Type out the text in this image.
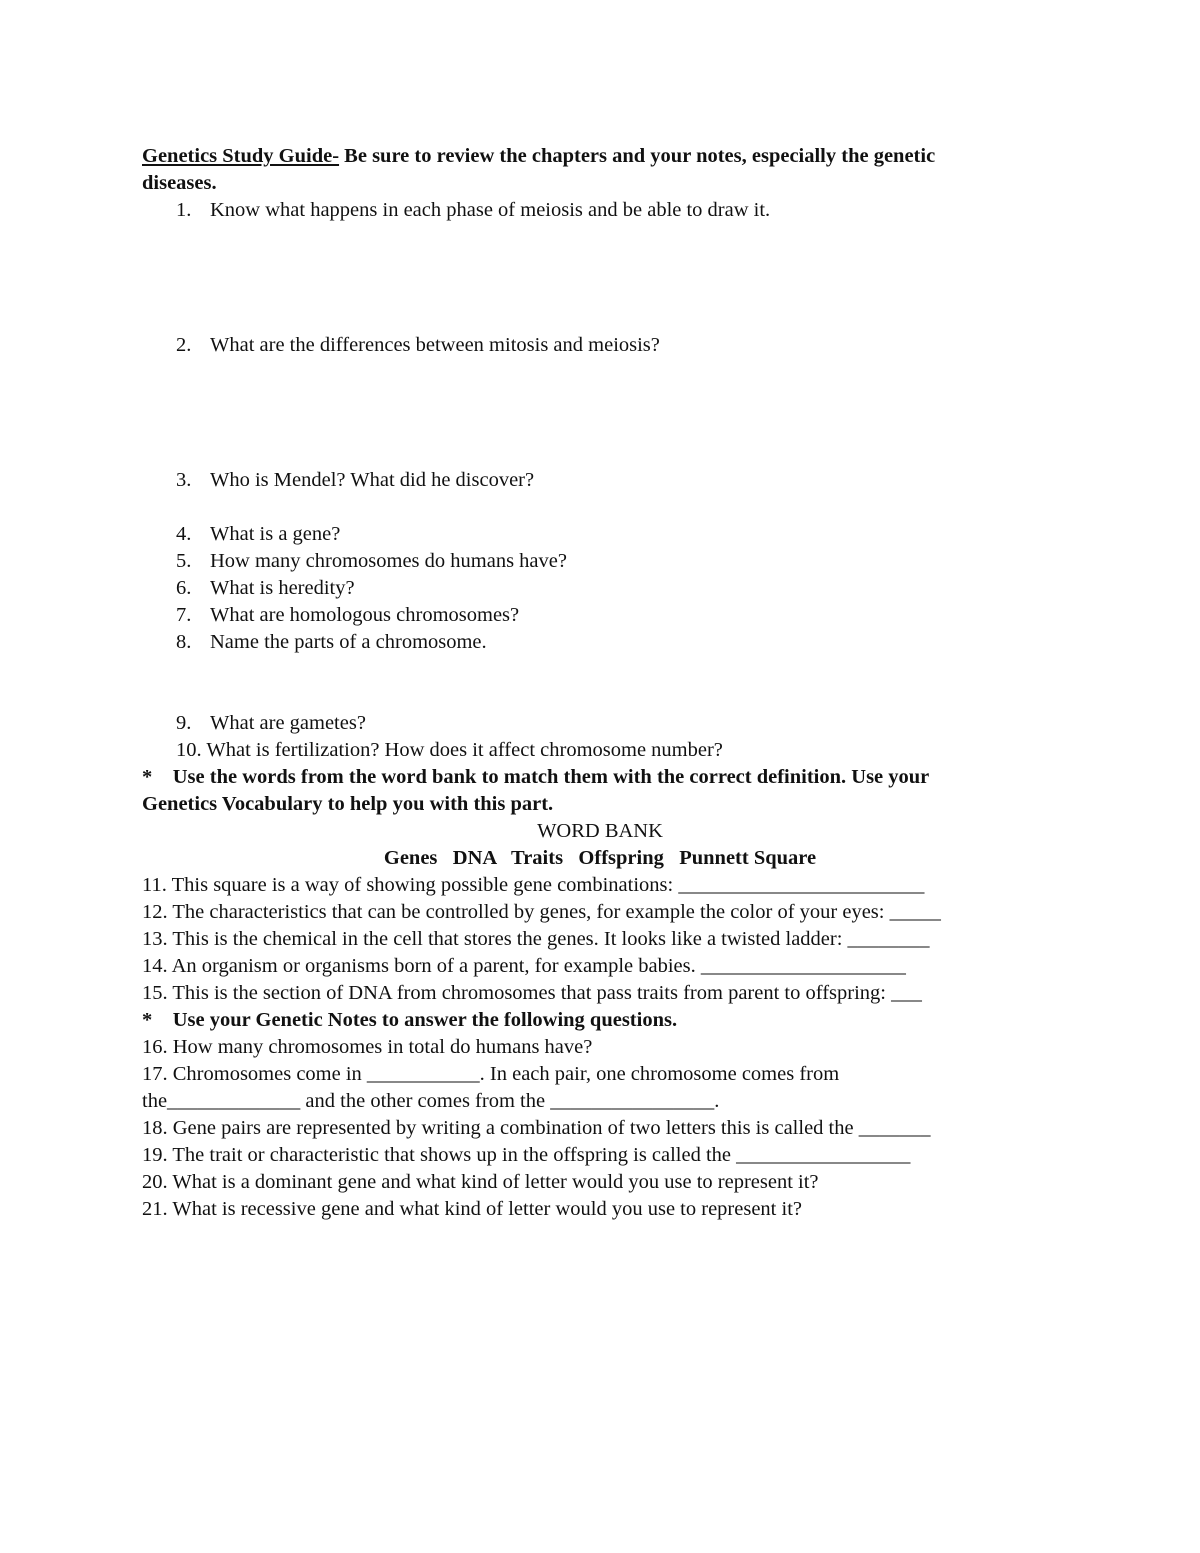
Genetics Study Guide- Be sure to review the chapters and your notes, especially the genetic
diseases.
1. Know what happens in each phase of meiosis and be able to draw it.
2. What are the differences between mitosis and meiosis?
3. Who is Mendel? What did he discover?
4. What is a gene?
5. How many chromosomes do humans have?
6. What is heredity?
7. What are homologous chromosomes?
8. Name the parts of a chromosome.
9. What are gametes?
10. What is fertilization? How does it affect chromosome number?
*    Use the words from the word bank to match them with the correct definition. Use your
Genetics Vocabulary to help you with this part.
WORD BANK
Genes   DNA   Traits   Offspring   Punnett Square
11. This square is a way of showing possible gene combinations: ________________________
12. The characteristics that can be controlled by genes, for example the color of your eyes: _____
13. This is the chemical in the cell that stores the genes. It looks like a twisted ladder: ________
14. An organism or organisms born of a parent, for example babies. ____________________
15. This is the section of DNA from chromosomes that pass traits from parent to offspring: ___
*    Use your Genetic Notes to answer the following questions.
16. How many chromosomes in total do humans have?
17. Chromosomes come in ___________. In each pair, one chromosome comes from
the_____________ and the other comes from the ________________.
18. Gene pairs are represented by writing a combination of two letters this is called the _______
19. The trait or characteristic that shows up in the offspring is called the _________________
20. What is a dominant gene and what kind of letter would you use to represent it?
21. What is recessive gene and what kind of letter would you use to represent it?
